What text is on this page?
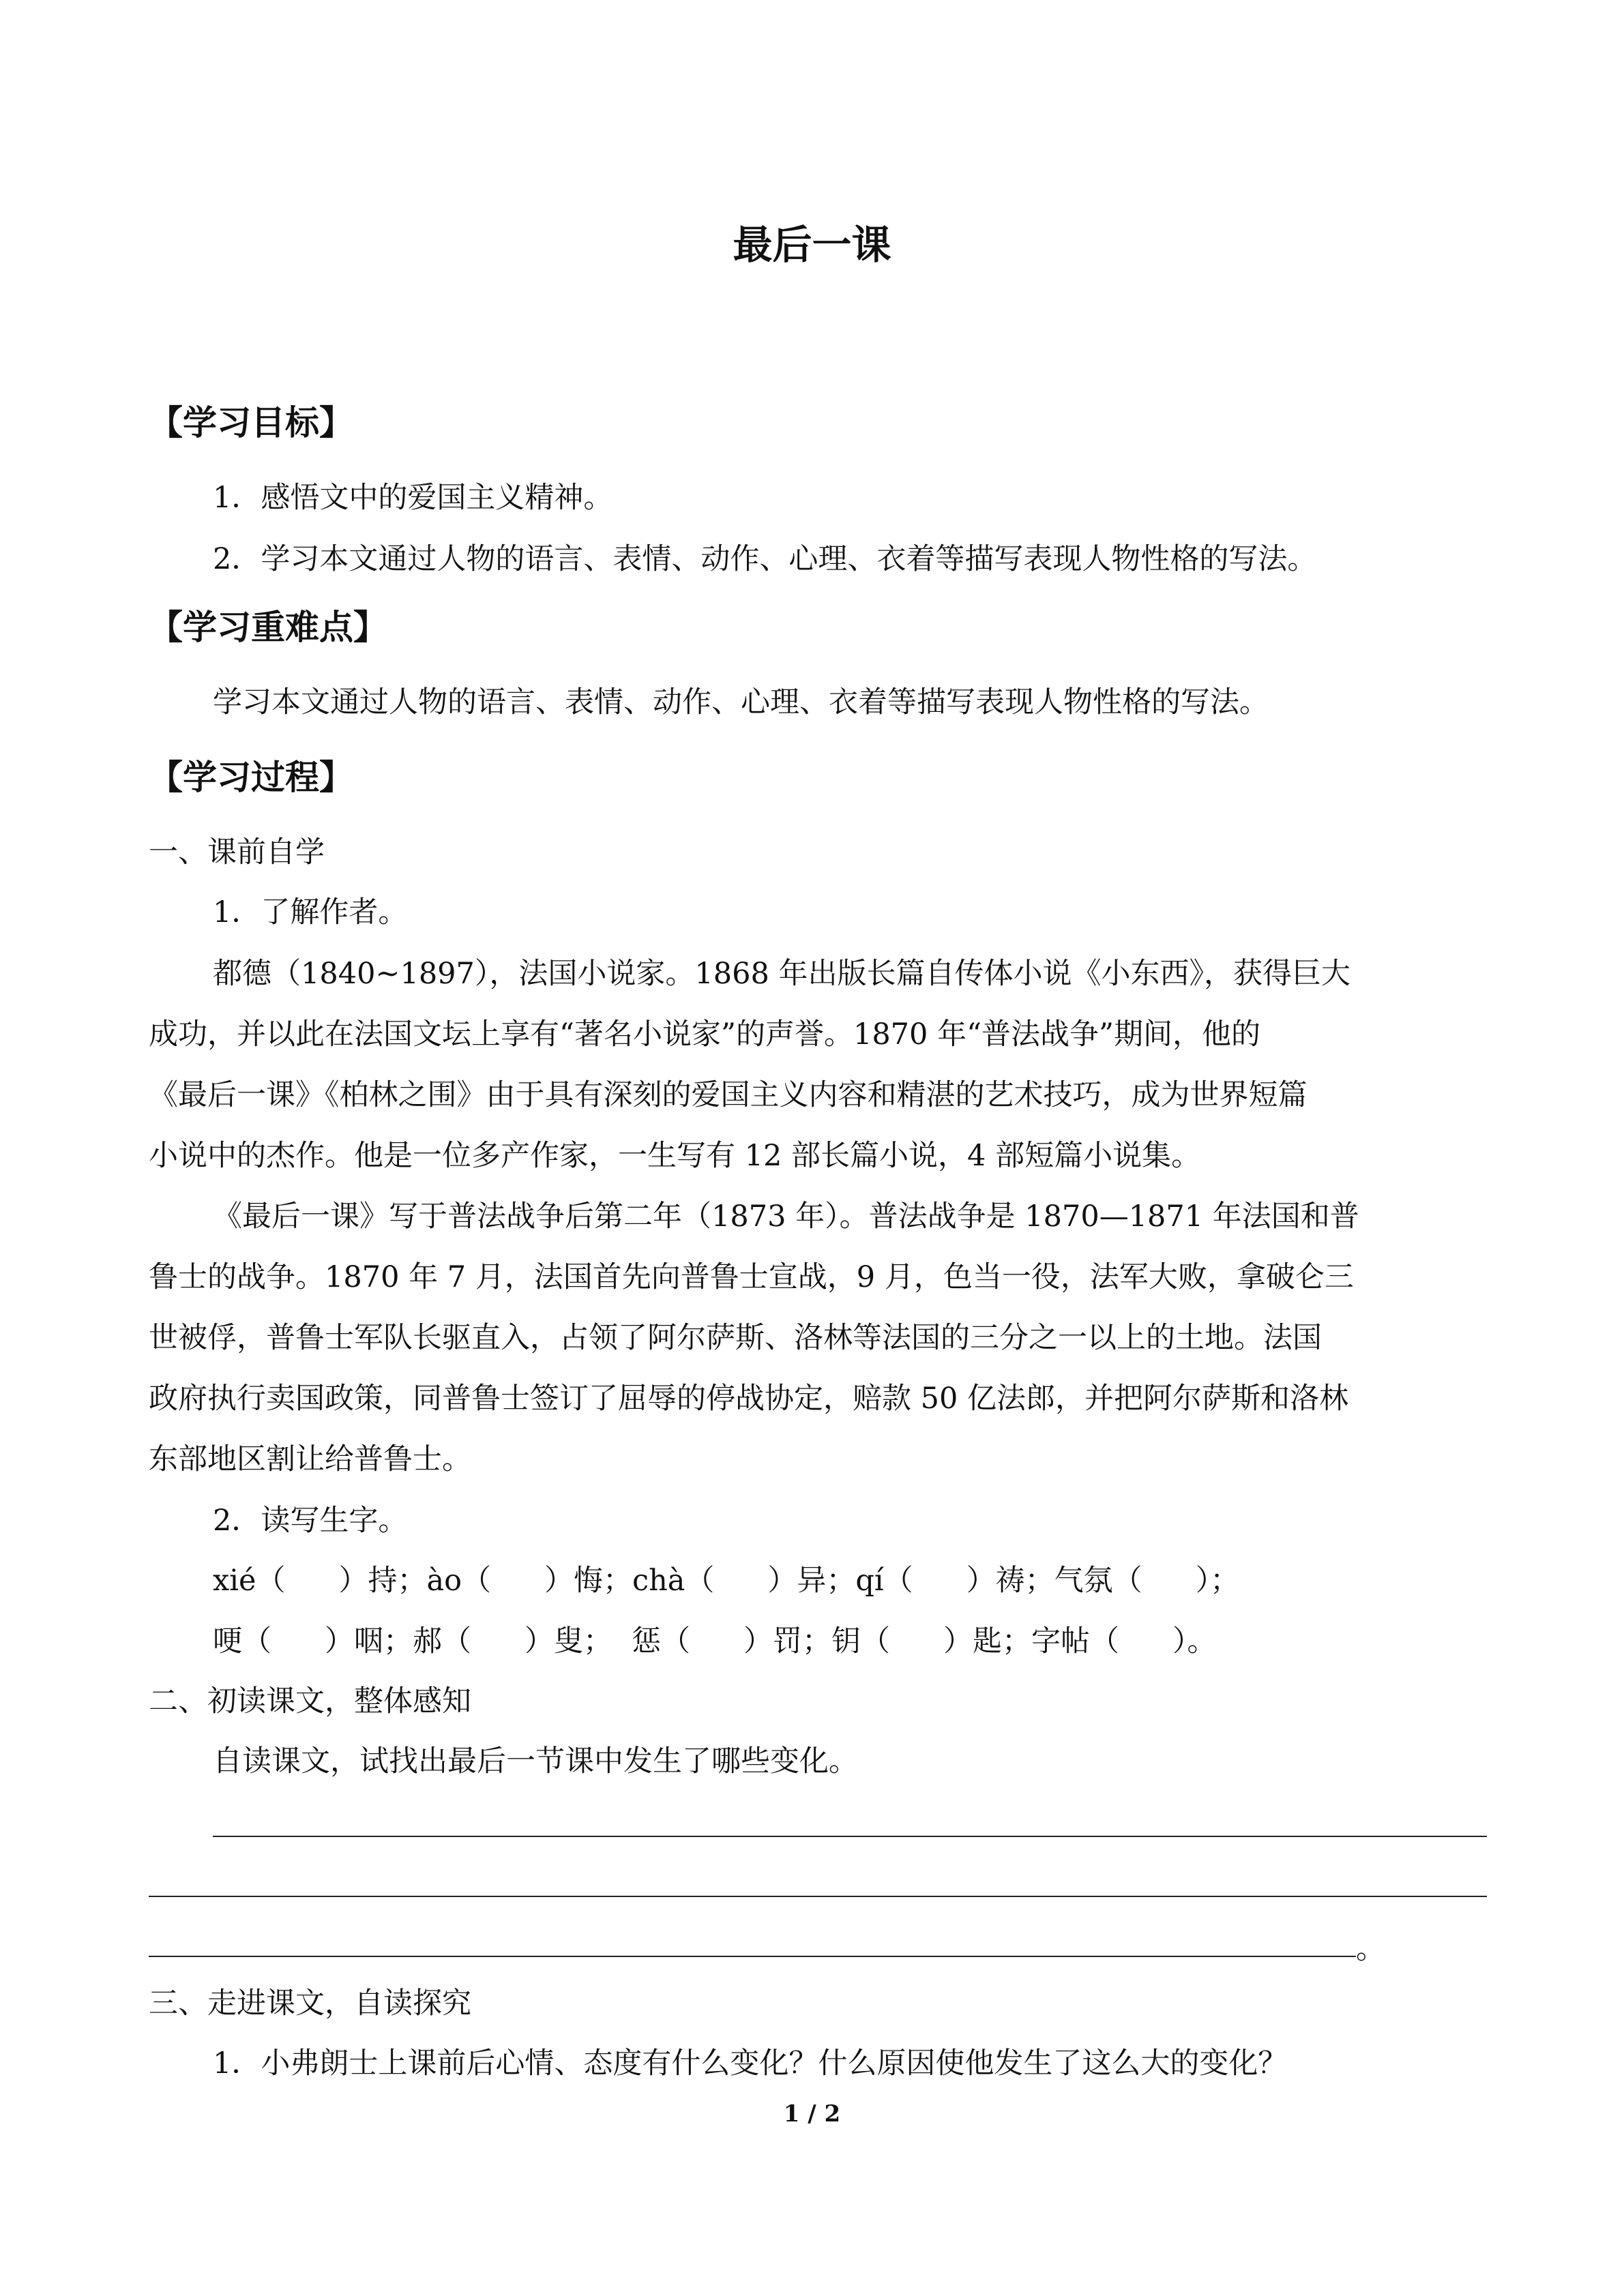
最后一课
【学习目标】
1．感悟文中的爱国主义精神。
2．学习本文通过人物的语言、表情、动作、心理、衣着等描写表现人物性格的写法。
【学习重难点】
学习本文通过人物的语言、表情、动作、心理、衣着等描写表现人物性格的写法。
【学习过程】
一、课前自学
1．了解作者。
都德（1840~1897），法国小说家。1868 年出版长篇自传体小说《小东西》，获得巨大
成功，并以此在法国文坛上享有“著名小说家”的声誉。1870 年“普法战争”期间，他的
《最后一课》《柏林之围》由于具有深刻的爱国主义内容和精湛的艺术技巧，成为世界短篇
小说中的杰作。他是一位多产作家，一生写有 12 部长篇小说，4 部短篇小说集。
《最后一课》写于普法战争后第二年（1873 年）。普法战争是 1870—1871 年法国和普
鲁士的战争。1870 年 7 月，法国首先向普鲁士宣战，9 月，色当一役，法军大败，拿破仑三
世被俘，普鲁士军队长驱直入，占领了阿尔萨斯、洛林等法国的三分之一以上的土地。法国
政府执行卖国政策，同普鲁士签订了屈辱的停战协定，赔款 50 亿法郎，并把阿尔萨斯和洛林
东部地区割让给普鲁士。
2．读写生字。
xié（ ）持；ào（ ）悔；chà（ ）异；qí（ ）祷；气氛（ ）；
哽（ ）咽；郝（ ）叟； 惩（ ）罚；钥（ ）匙；字帖（ ）。
二、初读课文，整体感知
自读课文，试找出最后一节课中发生了哪些变化。
。
三、走进课文，自读探究
1．小弗朗士上课前后心情、态度有什么变化？什么原因使他发生了这么大的变化？
1 / 2
